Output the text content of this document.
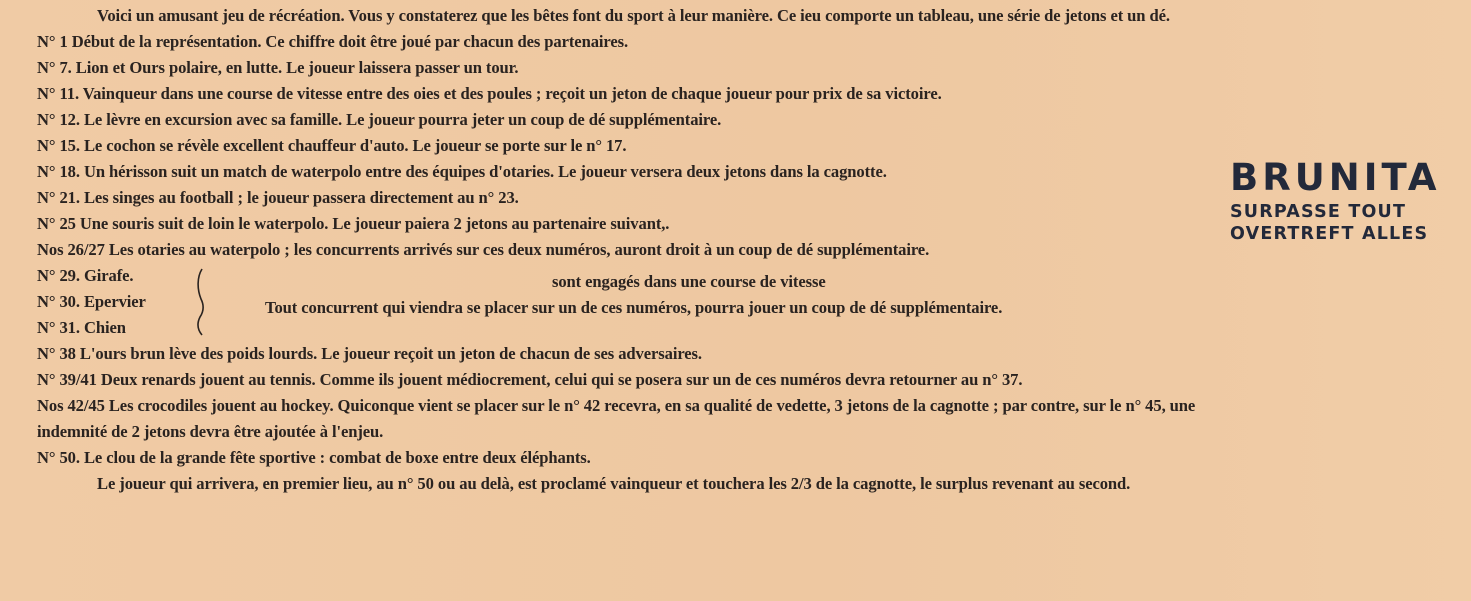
Voici un amusant jeu de récréation. Vous y constaterez que les bêtes font du sport à leur manière. Ce ieu comporte un tableau, une série de jetons et un dé.
N° 1 Début de la représentation. Ce chiffre doit être joué par chacun des partenaires.
N° 7. Lion et Ours polaire, en lutte. Le joueur laissera passer un tour.
N° 11. Vainqueur dans une course de vitesse entre des oies et des poules ; reçoit un jeton de chaque joueur pour prix de sa victoire.
N° 12. Le lèvre en excursion avec sa famille. Le joueur pourra jeter un coup de dé supplémentaire.
N° 15. Le cochon se révèle excellent chauffeur d'auto. Le joueur se porte sur le n° 17.
N° 18. Un hérisson suit un match de waterpolo entre des équipes d'otaries. Le joueur versera deux jetons dans la cagnotte.
N° 21. Les singes au football ; le joueur passera directement au n° 23.
N° 25 Une souris suit de loin le waterpolo. Le joueur paiera 2 jetons au partenaire suivant,.
Nos 26/27 Les otaries au waterpolo ; les concurrents arrivés sur ces deux numéros, auront droit à un coup de dé supplémentaire.
N° 29. Girafe.
N° 30. Epervier
N° 31. Chien
sont engagés dans une course de vitesse
Tout concurrent qui viendra se placer sur un de ces numéros, pourra jouer un coup de dé supplémentaire.
N° 38 L'ours brun lève des poids lourds. Le joueur reçoit un jeton de chacun de ses adversaires.
N° 39/41 Deux renards jouent au tennis. Comme ils jouent médiocrement, celui qui se posera sur un de ces numéros devra retourner au n° 37.
Nos 42/45 Les crocodiles jouent au hockey. Quiconque vient se placer sur le n° 42 recevra, en sa qualité de vedette, 3 jetons de la cagnotte ; par contre, sur le n° 45, une indemnité de 2 jetons devra être ajoutée à l'enjeu.
N° 50. Le clou de la grande fête sportive : combat de boxe entre deux éléphants.
Le joueur qui arrivera, en premier lieu, au n° 50 ou au delà, est proclamé vainqueur et touchera les 2/3 de la cagnotte, le surplus revenant au second.
BRUNITA
SURPASSE TOUT
OVERTREFT ALLES
